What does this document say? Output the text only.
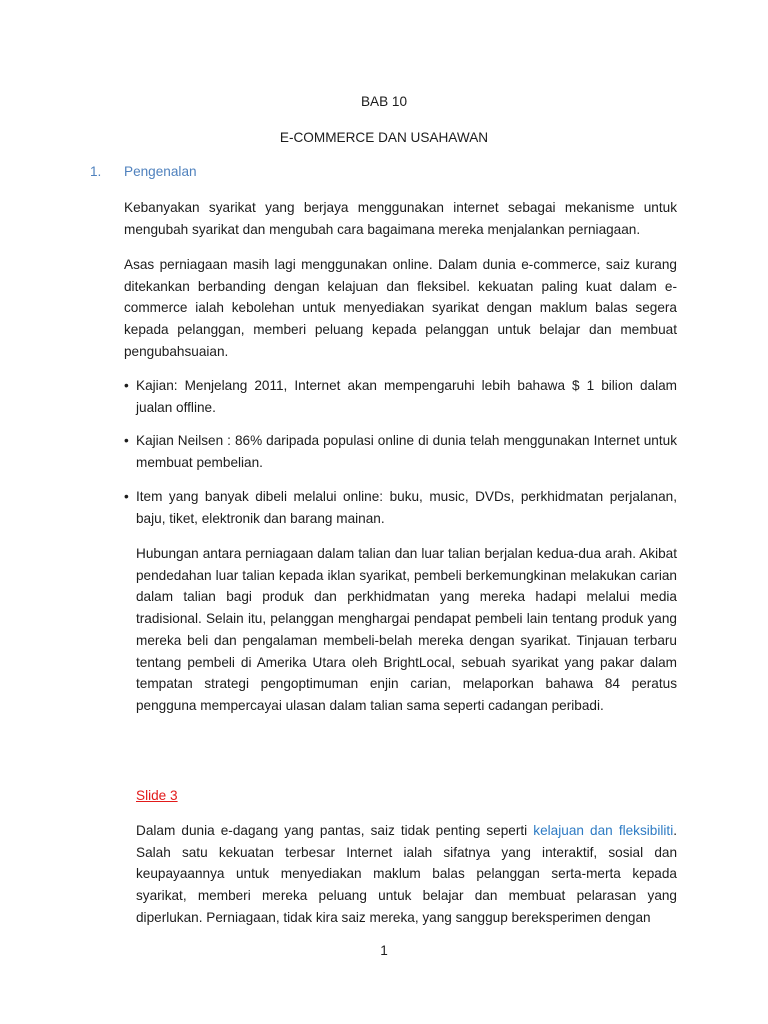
BAB 10
E-COMMERCE DAN USAHAWAN
1. Pengenalan

Kebanyakan syarikat yang berjaya menggunakan internet sebagai mekanisme untuk mengubah syarikat dan mengubah cara bagaimana mereka menjalankan perniagaan.

Asas perniagaan masih lagi menggunakan online. Dalam dunia e-commerce, saiz kurang ditekankan berbanding dengan kelajuan dan fleksibel. kekuatan paling kuat dalam e-commerce ialah kebolehan untuk menyediakan syarikat dengan maklum balas segera kepada pelanggan, memberi peluang kepada pelanggan untuk belajar dan membuat pengubahsuaian.

• Kajian: Menjelang 2011, Internet akan mempengaruhi lebih bahawa $ 1 bilion dalam jualan offline.
• Kajian Neilsen : 86% daripada populasi online di dunia telah menggunakan Internet untuk membuat pembelian.
• Item yang banyak dibeli melalui online: buku, music, DVDs, perkhidmatan perjalanan, baju, tiket, elektronik dan barang mainan.

Hubungan antara perniagaan dalam talian dan luar talian berjalan kedua-dua arah. Akibat pendedahan luar talian kepada iklan syarikat, pembeli berkemungkinan melakukan carian dalam talian bagi produk dan perkhidmatan yang mereka hadapi melalui media tradisional. Selain itu, pelanggan menghargai pendapat pembeli lain tentang produk yang mereka beli dan pengalaman membeli-belah mereka dengan syarikat. Tinjauan terbaru tentang pembeli di Amerika Utara oleh BrightLocal, sebuah syarikat yang pakar dalam tempatan strategi pengoptimuman enjin carian, melaporkan bahawa 84 peratus pengguna mempercayai ulasan dalam talian sama seperti cadangan peribadi.

Slide 3

Dalam dunia e-dagang yang pantas, saiz tidak penting seperti kelajuan dan fleksibiliti. Salah satu kekuatan terbesar Internet ialah sifatnya yang interaktif, sosial dan keupayaannya untuk menyediakan maklum balas pelanggan serta-merta kepada syarikat, memberi mereka peluang untuk belajar dan membuat pelarasan yang diperlukan. Perniagaan, tidak kira saiz mereka, yang sanggup bereksperimen dengan

1
